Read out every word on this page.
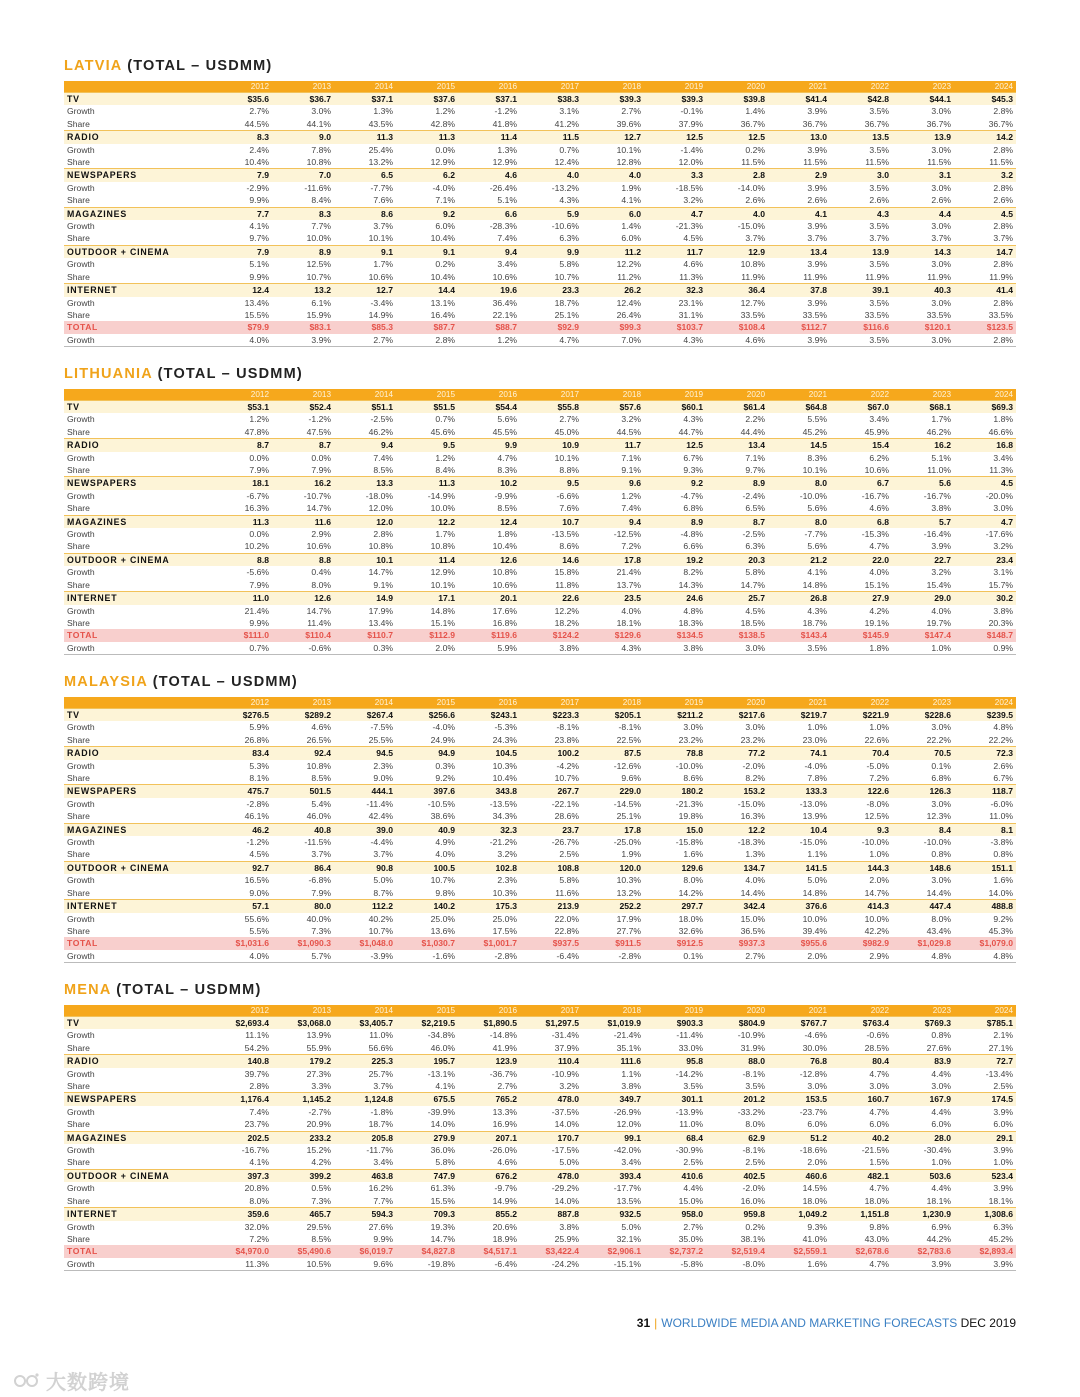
LATVIA (TOTAL – USDMM)
	2012	2013	2014	2015	2016	2017	2018	2019	2020	2021	2022	2023	2024
TV	$35.6	$36.7	$37.1	$37.6	$37.1	$38.3	$39.3	$39.3	$39.8	$41.4	$42.8	$44.1	$45.3
Growth	2.7%	3.0%	1.3%	1.2%	-1.2%	3.1%	2.7%	-0.1%	1.4%	3.9%	3.5%	3.0%	2.8%
Share	44.5%	44.1%	43.5%	42.8%	41.8%	41.2%	39.6%	37.9%	36.7%	36.7%	36.7%	36.7%	36.7%
RADIO	8.3	9.0	11.3	11.3	11.4	11.5	12.7	12.5	12.5	13.0	13.5	13.9	14.2
Growth	2.4%	7.8%	25.4%	0.0%	1.3%	0.7%	10.1%	-1.4%	0.2%	3.9%	3.5%	3.0%	2.8%
Share	10.4%	10.8%	13.2%	12.9%	12.9%	12.4%	12.8%	12.0%	11.5%	11.5%	11.5%	11.5%	11.5%
NEWSPAPERS	7.9	7.0	6.5	6.2	4.6	4.0	4.0	3.3	2.8	2.9	3.0	3.1	3.2
Growth	-2.9%	-11.6%	-7.7%	-4.0%	-26.4%	-13.2%	1.9%	-18.5%	-14.0%	3.9%	3.5%	3.0%	2.8%
Share	9.9%	8.4%	7.6%	7.1%	5.1%	4.3%	4.1%	3.2%	2.6%	2.6%	2.6%	2.6%	2.6%
MAGAZINES	7.7	8.3	8.6	9.2	6.6	5.9	6.0	4.7	4.0	4.1	4.3	4.4	4.5
Growth	4.1%	7.7%	3.7%	6.0%	-28.3%	-10.6%	1.4%	-21.3%	-15.0%	3.9%	3.5%	3.0%	2.8%
Share	9.7%	10.0%	10.1%	10.4%	7.4%	6.3%	6.0%	4.5%	3.7%	3.7%	3.7%	3.7%	3.7%
OUTDOOR + CINEMA	7.9	8.9	9.1	9.1	9.4	9.9	11.2	11.7	12.9	13.4	13.9	14.3	14.7
Growth	5.1%	12.5%	1.7%	0.2%	3.4%	5.8%	12.2%	4.6%	10.8%	3.9%	3.5%	3.0%	2.8%
Share	9.9%	10.7%	10.6%	10.4%	10.6%	10.7%	11.2%	11.3%	11.9%	11.9%	11.9%	11.9%	11.9%
INTERNET	12.4	13.2	12.7	14.4	19.6	23.3	26.2	32.3	36.4	37.8	39.1	40.3	41.4
Growth	13.4%	6.1%	-3.4%	13.1%	36.4%	18.7%	12.4%	23.1%	12.7%	3.9%	3.5%	3.0%	2.8%
Share	15.5%	15.9%	14.9%	16.4%	22.1%	25.1%	26.4%	31.1%	33.5%	33.5%	33.5%	33.5%	33.5%
TOTAL	$79.9	$83.1	$85.3	$87.7	$88.7	$92.9	$99.3	$103.7	$108.4	$112.7	$116.6	$120.1	$123.5
Growth	4.0%	3.9%	2.7%	2.8%	1.2%	4.7%	7.0%	4.3%	4.6%	3.9%	3.5%	3.0%	2.8%
LITHUANIA (TOTAL – USDMM)
	2012	2013	2014	2015	2016	2017	2018	2019	2020	2021	2022	2023	2024
TV	$53.1	$52.4	$51.1	$51.5	$54.4	$55.8	$57.6	$60.1	$61.4	$64.8	$67.0	$68.1	$69.3
Growth	1.2%	-1.2%	-2.5%	0.7%	5.6%	2.7%	3.2%	4.3%	2.2%	5.5%	3.4%	1.7%	1.8%
Share	47.8%	47.5%	46.2%	45.6%	45.5%	45.0%	44.5%	44.7%	44.4%	45.2%	45.9%	46.2%	46.6%
RADIO	8.7	8.7	9.4	9.5	9.9	10.9	11.7	12.5	13.4	14.5	15.4	16.2	16.8
Growth	0.0%	0.0%	7.4%	1.2%	4.7%	10.1%	7.1%	6.7%	7.1%	8.3%	6.2%	5.1%	3.4%
Share	7.9%	7.9%	8.5%	8.4%	8.3%	8.8%	9.1%	9.3%	9.7%	10.1%	10.6%	11.0%	11.3%
NEWSPAPERS	18.1	16.2	13.3	11.3	10.2	9.5	9.6	9.2	8.9	8.0	6.7	5.6	4.5
Growth	-6.7%	-10.7%	-18.0%	-14.9%	-9.9%	-6.6%	1.2%	-4.7%	-2.4%	-10.0%	-16.7%	-16.7%	-20.0%
Share	16.3%	14.7%	12.0%	10.0%	8.5%	7.6%	7.4%	6.8%	6.5%	5.6%	4.6%	3.8%	3.0%
MAGAZINES	11.3	11.6	12.0	12.2	12.4	10.7	9.4	8.9	8.7	8.0	6.8	5.7	4.7
Growth	0.0%	2.9%	2.8%	1.7%	1.8%	-13.5%	-12.5%	-4.8%	-2.5%	-7.7%	-15.3%	-16.4%	-17.6%
Share	10.2%	10.6%	10.8%	10.8%	10.4%	8.6%	7.2%	6.6%	6.3%	5.6%	4.7%	3.9%	3.2%
OUTDOOR + CINEMA	8.8	8.8	10.1	11.4	12.6	14.6	17.8	19.2	20.3	21.2	22.0	22.7	23.4
Growth	-5.6%	0.4%	14.7%	12.9%	10.8%	15.8%	21.4%	8.2%	5.8%	4.1%	4.0%	3.2%	3.1%
Share	7.9%	8.0%	9.1%	10.1%	10.6%	11.8%	13.7%	14.3%	14.7%	14.8%	15.1%	15.4%	15.7%
INTERNET	11.0	12.6	14.9	17.1	20.1	22.6	23.5	24.6	25.7	26.8	27.9	29.0	30.2
Growth	21.4%	14.7%	17.9%	14.8%	17.6%	12.2%	4.0%	4.8%	4.5%	4.3%	4.2%	4.0%	3.8%
Share	9.9%	11.4%	13.4%	15.1%	16.8%	18.2%	18.1%	18.3%	18.5%	18.7%	19.1%	19.7%	20.3%
TOTAL	$111.0	$110.4	$110.7	$112.9	$119.6	$124.2	$129.6	$134.5	$138.5	$143.4	$145.9	$147.4	$148.7
Growth	0.7%	-0.6%	0.3%	2.0%	5.9%	3.8%	4.3%	3.8%	3.0%	3.5%	1.8%	1.0%	0.9%
MALAYSIA (TOTAL – USDMM)
	2012	2013	2014	2015	2016	2017	2018	2019	2020	2021	2022	2023	2024
TV	$276.5	$289.2	$267.4	$256.6	$243.1	$223.3	$205.1	$211.2	$217.6	$219.7	$221.9	$228.6	$239.5
Growth	5.9%	4.6%	-7.5%	-4.0%	-5.3%	-8.1%	-8.1%	3.0%	3.0%	1.0%	1.0%	3.0%	4.8%
Share	26.8%	26.5%	25.5%	24.9%	24.3%	23.8%	22.5%	23.2%	23.2%	23.0%	22.6%	22.2%	22.2%
RADIO	83.4	92.4	94.5	94.9	104.5	100.2	87.5	78.8	77.2	74.1	70.4	70.5	72.3
Growth	5.3%	10.8%	2.3%	0.3%	10.3%	-4.2%	-12.6%	-10.0%	-2.0%	-4.0%	-5.0%	0.1%	2.6%
Share	8.1%	8.5%	9.0%	9.2%	10.4%	10.7%	9.6%	8.6%	8.2%	7.8%	7.2%	6.8%	6.7%
NEWSPAPERS	475.7	501.5	444.1	397.6	343.8	267.7	229.0	180.2	153.2	133.3	122.6	126.3	118.7
Growth	-2.8%	5.4%	-11.4%	-10.5%	-13.5%	-22.1%	-14.5%	-21.3%	-15.0%	-13.0%	-8.0%	3.0%	-6.0%
Share	46.1%	46.0%	42.4%	38.6%	34.3%	28.6%	25.1%	19.8%	16.3%	13.9%	12.5%	12.3%	11.0%
MAGAZINES	46.2	40.8	39.0	40.9	32.3	23.7	17.8	15.0	12.2	10.4	9.3	8.4	8.1
Growth	-1.2%	-11.5%	-4.4%	4.9%	-21.2%	-26.7%	-25.0%	-15.8%	-18.3%	-15.0%	-10.0%	-10.0%	-3.8%
Share	4.5%	3.7%	3.7%	4.0%	3.2%	2.5%	1.9%	1.6%	1.3%	1.1%	1.0%	0.8%	0.8%
OUTDOOR + CINEMA	92.7	86.4	90.8	100.5	102.8	108.8	120.0	129.6	134.7	141.5	144.3	148.6	151.1
Growth	16.5%	-6.8%	5.0%	10.7%	2.3%	5.8%	10.3%	8.0%	4.0%	5.0%	2.0%	3.0%	1.6%
Share	9.0%	7.9%	8.7%	9.8%	10.3%	11.6%	13.2%	14.2%	14.4%	14.8%	14.7%	14.4%	14.0%
INTERNET	57.1	80.0	112.2	140.2	175.3	213.9	252.2	297.7	342.4	376.6	414.3	447.4	488.8
Growth	55.6%	40.0%	40.2%	25.0%	25.0%	22.0%	17.9%	18.0%	15.0%	10.0%	10.0%	8.0%	9.2%
Share	5.5%	7.3%	10.7%	13.6%	17.5%	22.8%	27.7%	32.6%	36.5%	39.4%	42.2%	43.4%	45.3%
TOTAL	$1,031.6	$1,090.3	$1,048.0	$1,030.7	$1,001.7	$937.5	$911.5	$912.5	$937.3	$955.6	$982.9	$1,029.8	$1,079.0
Growth	4.0%	5.7%	-3.9%	-1.6%	-2.8%	-6.4%	-2.8%	0.1%	2.7%	2.0%	2.9%	4.8%	4.8%
MENA (TOTAL – USDMM)
	2012	2013	2014	2015	2016	2017	2018	2019	2020	2021	2022	2023	2024
TV	$2,693.4	$3,068.0	$3,405.7	$2,219.5	$1,890.5	$1,297.5	$1,019.9	$903.3	$804.9	$767.7	$763.4	$769.3	$785.1
Growth	11.1%	13.9%	11.0%	-34.8%	-14.8%	-31.4%	-21.4%	-11.4%	-10.9%	-4.6%	-0.6%	0.8%	2.1%
Share	54.2%	55.9%	56.6%	46.0%	41.9%	37.9%	35.1%	33.0%	31.9%	30.0%	28.5%	27.6%	27.1%
RADIO	140.8	179.2	225.3	195.7	123.9	110.4	111.6	95.8	88.0	76.8	80.4	83.9	72.7
Growth	39.7%	27.3%	25.7%	-13.1%	-36.7%	-10.9%	1.1%	-14.2%	-8.1%	-12.8%	4.7%	4.4%	-13.4%
Share	2.8%	3.3%	3.7%	4.1%	2.7%	3.2%	3.8%	3.5%	3.5%	3.0%	3.0%	3.0%	2.5%
NEWSPAPERS	1,176.4	1,145.2	1,124.8	675.5	765.2	478.0	349.7	301.1	201.2	153.5	160.7	167.9	174.5
Growth	7.4%	-2.7%	-1.8%	-39.9%	13.3%	-37.5%	-26.9%	-13.9%	-33.2%	-23.7%	4.7%	4.4%	3.9%
Share	23.7%	20.9%	18.7%	14.0%	16.9%	14.0%	12.0%	11.0%	8.0%	6.0%	6.0%	6.0%	6.0%
MAGAZINES	202.5	233.2	205.8	279.9	207.1	170.7	99.1	68.4	62.9	51.2	40.2	28.0	29.1
Growth	-16.7%	15.2%	-11.7%	36.0%	-26.0%	-17.5%	-42.0%	-30.9%	-8.1%	-18.6%	-21.5%	-30.4%	3.9%
Share	4.1%	4.2%	3.4%	5.8%	4.6%	5.0%	3.4%	2.5%	2.5%	2.0%	1.5%	1.0%	1.0%
OUTDOOR + CINEMA	397.3	399.2	463.8	747.9	676.2	478.0	393.4	410.6	402.5	460.6	482.1	503.6	523.4
Growth	20.8%	0.5%	16.2%	61.3%	-9.7%	-29.2%	-17.7%	4.4%	-2.0%	14.5%	4.7%	4.4%	3.9%
Share	8.0%	7.3%	7.7%	15.5%	14.9%	14.0%	13.5%	15.0%	16.0%	18.0%	18.0%	18.1%	18.1%
INTERNET	359.6	465.7	594.3	709.3	855.2	887.8	932.5	958.0	959.8	1,049.2	1,151.8	1,230.9	1,308.6
Growth	32.0%	29.5%	27.6%	19.3%	20.6%	3.8%	5.0%	2.7%	0.2%	9.3%	9.8%	6.9%	6.3%
Share	7.2%	8.5%	9.9%	14.7%	18.9%	25.9%	32.1%	35.0%	38.1%	41.0%	43.0%	44.2%	45.2%
TOTAL	$4,970.0	$5,490.6	$6,019.7	$4,827.8	$4,517.1	$3,422.4	$2,906.1	$2,737.2	$2,519.4	$2,559.1	$2,678.6	$2,783.6	$2,893.4
Growth	11.3%	10.5%	9.6%	-19.8%	-6.4%	-24.2%	-15.1%	-5.8%	-8.0%	1.6%	4.7%	3.9%	3.9%
31 | WORLDWIDE MEDIA AND MARKETING FORECASTS DEC 2019
大数跨境
